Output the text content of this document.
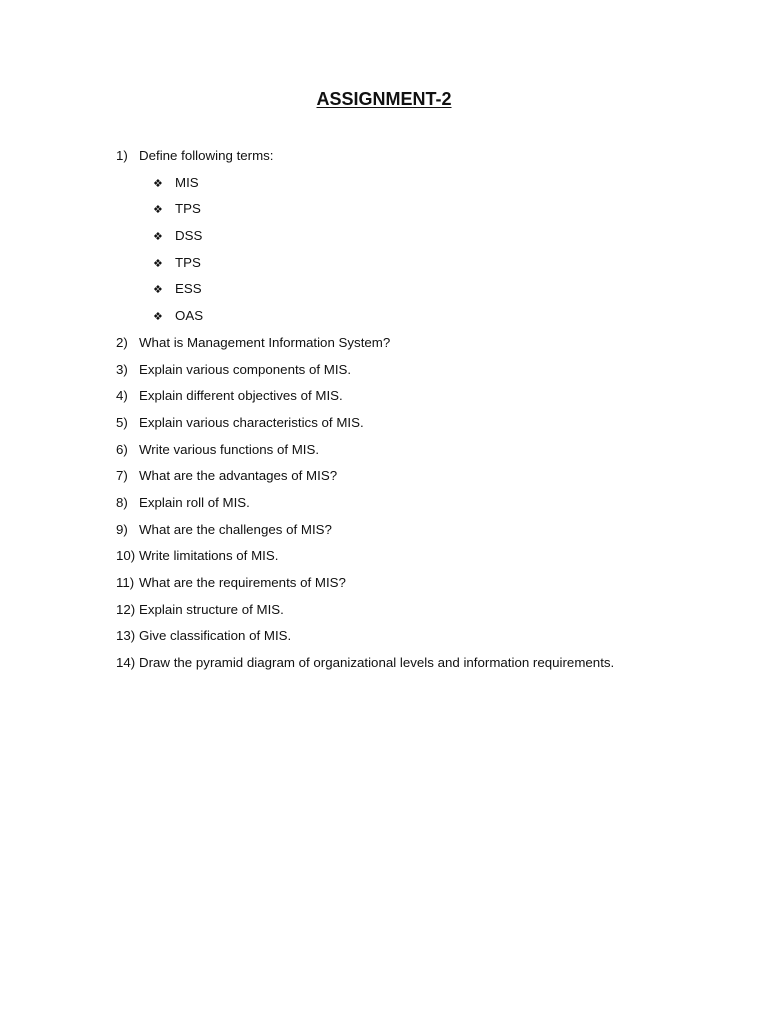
ASSIGNMENT-2
1) Define following terms:
❖ MIS
❖ TPS
❖ DSS
❖ TPS
❖ ESS
❖ OAS
2) What is Management Information System?
3) Explain various components of MIS.
4) Explain different objectives of MIS.
5) Explain various characteristics of MIS.
6) Write various functions of MIS.
7) What are the advantages of MIS?
8) Explain roll of MIS.
9) What are the challenges of MIS?
10) Write limitations of MIS.
11) What are the requirements of MIS?
12) Explain structure of MIS.
13) Give classification of MIS.
14) Draw the pyramid diagram of organizational levels and information requirements.
